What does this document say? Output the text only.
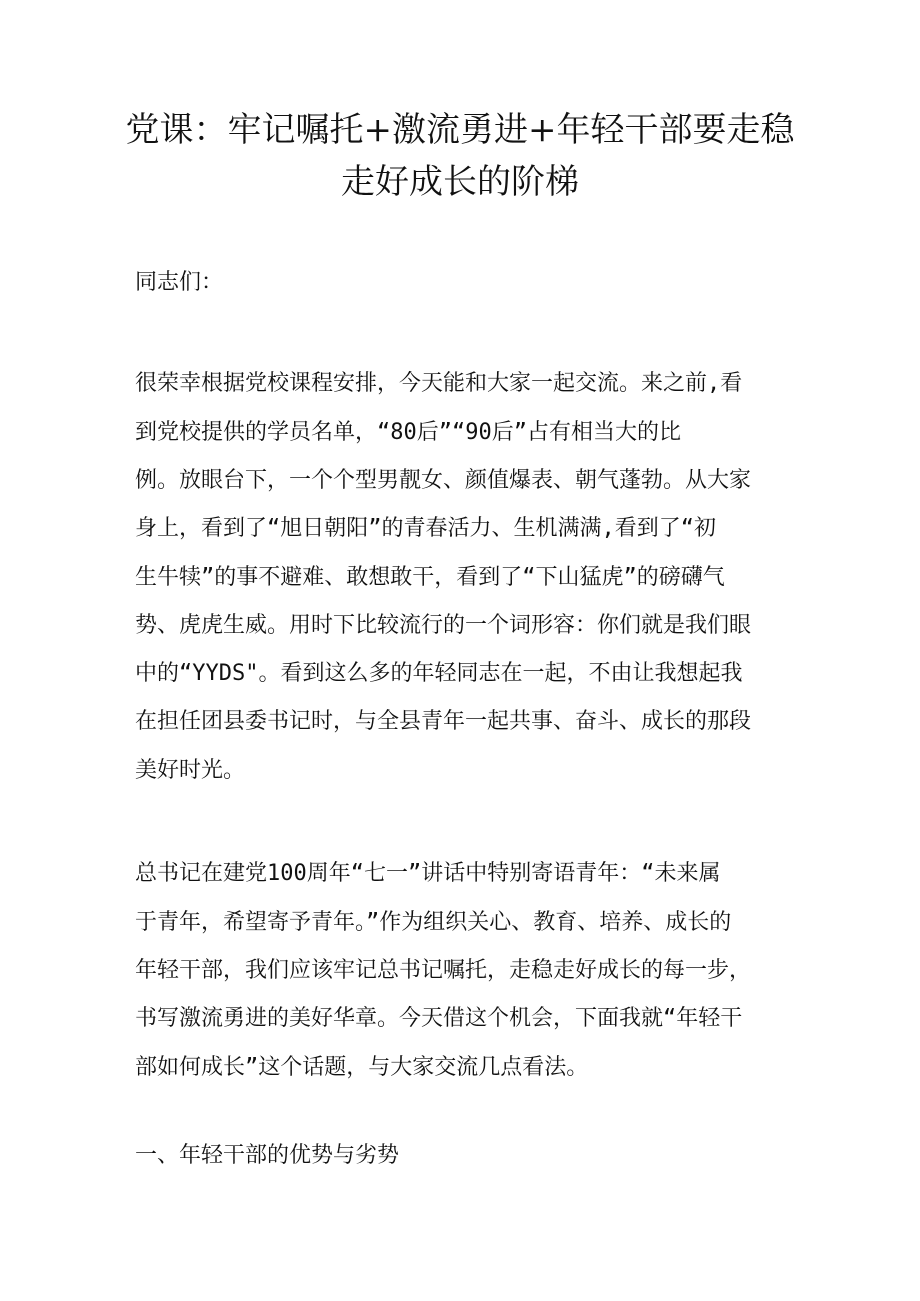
党课：牢记嘱托+激流勇进+年轻干部要走稳
走好成长的阶梯
同志们：
很荣幸根据党校课程安排，今天能和大家一起交流。来之前,看
到党校提供的学员名单，“80后”“90后”占有相当大的比
例。放眼台下，一个个型男靓女、颜值爆表、朝气蓬勃。从大家
身上，看到了“旭日朝阳”的青春活力、生机满满,看到了“初
生牛犊”的事不避难、敢想敢干，看到了“下山猛虎”的磅礴气
势、虎虎生威。用时下比较流行的一个词形容：你们就是我们眼
中的“YYDS"。看到这么多的年轻同志在一起，不由让我想起我
在担任团县委书记时，与全县青年一起共事、奋斗、成长的那段
美好时光。
总书记在建党100周年“七一”讲话中特别寄语青年：“未来属
于青年，希望寄予青年。”作为组织关心、教育、培养、成长的
年轻干部，我们应该牢记总书记嘱托，走稳走好成长的每一步，
书写激流勇进的美好华章。今天借这个机会，下面我就“年轻干
部如何成长”这个话题，与大家交流几点看法。
一、年轻干部的优势与劣势
